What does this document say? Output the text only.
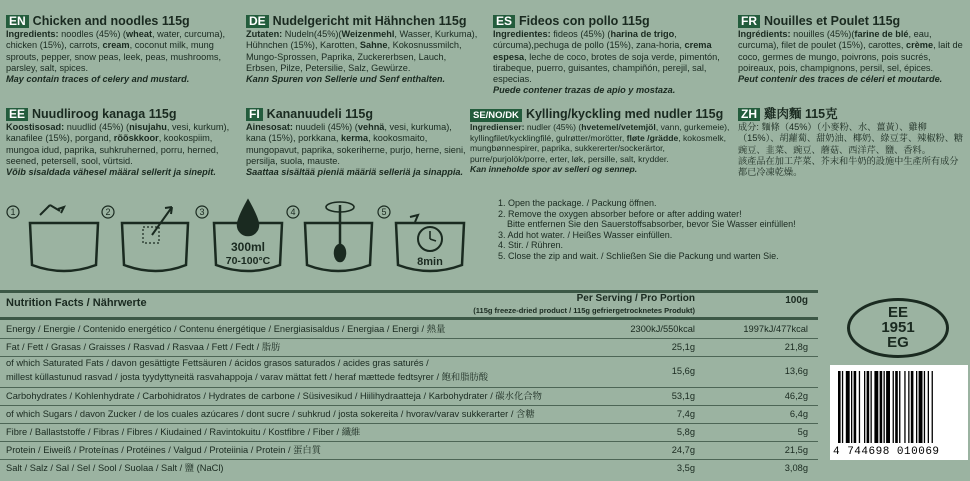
EN Chicken and noodles 115g
Ingredients: noodles (45%) (wheat, water, curcuma), chicken (15%), carrots, cream, coconut milk, mung sprouts, pepper, snow peas, leek, peas, mushrooms, parsley, salt, spices.
May contain traces of celery and mustard.
DE Nudelgericht mit Hähnchen 115g
Zutaten: Nudeln(45%)(Weizenmehl, Wasser, Kurkuma), Hühnchen (15%), Karotten, Sahne, Kokosnussmilch, Mungo-Sprossen, Paprika, Zuckererbsen, Lauch, Erbsen, Pilze, Petersilie, Salz, Gewürze.
Kann Spuren von Sellerie und Senf enthalten.
ES Fideos con pollo 115g
Ingredientes: fideos (45%) (harina de trigo, cúrcuma),pechuga de pollo (15%), zana-horia, crema espesa, leche de coco, brotes de soja verde, pimentón, tirabeque, puerro, guisantes, champiñón, perejil, sal, especias.
Puede contener trazas de apio y mostaza.
FR Nouilles et Poulet 115g
Ingrédients: nouilles (45%)(farine de blé, eau, curcuma), filet de poulet (15%), carottes, crème, lait de coco, germes de mungo, poivrons, pois sucrés, poireaux, pois, champignons, persil, sel, épices.
Peut contenir des traces de céleri et moutarde.
EE Nuudliroog kanaga 115g
Koostisosad: nuudlid (45%) (nisujahu, vesi, kurkum), kanafilee (15%), porgand, rõõskkoor, kookospiim, mungoa idud, paprika, suhkruherned, porru, herned, seened, petersell, sool, vürtsid.
Võib sisaldada vähesel määral sellerit ja sinepit.
FI Kananuudeli 115g
Ainesosat: nuudeli (45%) (vehnä, vesi, kurkuma), kana (15%), porkkana, kerma, kookosmaito, mungopavut, paprika, sokeriherne, purjo, herne, sieni, persilja, suola, mauste.
Saattaa sisältää pieniä määriä selleriä ja sinappia.
SE/NO/DK Kylling/kyckling med nudler 115g
Ingredienser: nudler (45%) (hvetemel/vetemjöl, vann, gurkemeie), kyllingfilet/kycklingfilé, gulrøtter/morötter, fløte /grädde, kokosmelk, mungbønnespirer, paprika, sukkererter/sockerärtor, purre/purjolök/porre, erter, løk, persille, salt, krydder.
Kan inneholde spor av selleri og sennep.
ZH 雞肉麵 115克
成分: 麵條（45%）（小麥粉、水、薑黃）、雞柳（15%）、胡蘿蔔、甜奶油、椰奶、綠豆芽、辣椒粉、糖豌豆、韭菜、豌豆、蘑菇、西洋芹、鹽、香料。
該產品在加工芹菜、芥末和牛奶的設施中生產所有成分都已冷凍乾燥。
1	2	3	4	5
300ml
70-100°C	8min
1. Open the package. / Packung öffnen.
2. Remove the oxygen absorber before or after adding water!
Bitte entfernen Sie den Sauerstoffsabsorber, bevor Sie Wasser einfüllen!
3. Add hot water. / Heißes Wasser einfüllen.
4. Stir. / Rühren.
5. Close the zip and wait. / Schließen Sie die Packung und warten Sie.
Nutrition Facts / Nährwerte	Per Serving / Pro Portion
(115g freeze-dried product / 115g gefriergetrocknetes Produkt)
100g
Energy / Energie / Contenido energético / Contenu énergétique / Energiasisaldus / Energiaa / Energi / 熱量	2300kJ/550kcal	1997kJ/477kcal
Fat / Fett / Grasas / Graisses / Rasvad / Rasvaa / Fett / Fedt / 脂肪	25,1g	21,8g
of which Saturated Fats / davon gesättigte Fettsäuren / ácidos grasos saturados / acides gras saturés /
millest küllastunud rasvad / josta tyydyttyneitä rasvahappoja / varav mättat fett / heraf mættede fedtsyrer / 飽和脂肪酸
15,6g	13,6g
Carbohydrates / Kohlenhydrate / Carbohidratos / Hydrates de carbone / Süsivesikud / Hiilihydraatteja / Karbohydrater / 碳水化合物	53,1g	46,2g
of which Sugars / davon Zucker / de los cuales azúcares / dont sucre / suhkrud / josta sokereita / hvorav/varav sukkerarter / 含糖	7,4g	6,4g
Fibre / Ballaststoffe / Fibras / Fibres / Kiudained / Ravintokuitu / Kostfibre / Fiber / 纖維	5,8g	5g
Protein / Eiweiß / Proteínas / Protéines / Valgud / Proteiinia / Protein / 蛋白質	24,7g	21,5g
Salt / Salz / Sal / Sel / Sool / Suolaa / Salt / 鹽 (NaCl)	3,5g	3,08g
EE
1951
EG
4 744698 010069
